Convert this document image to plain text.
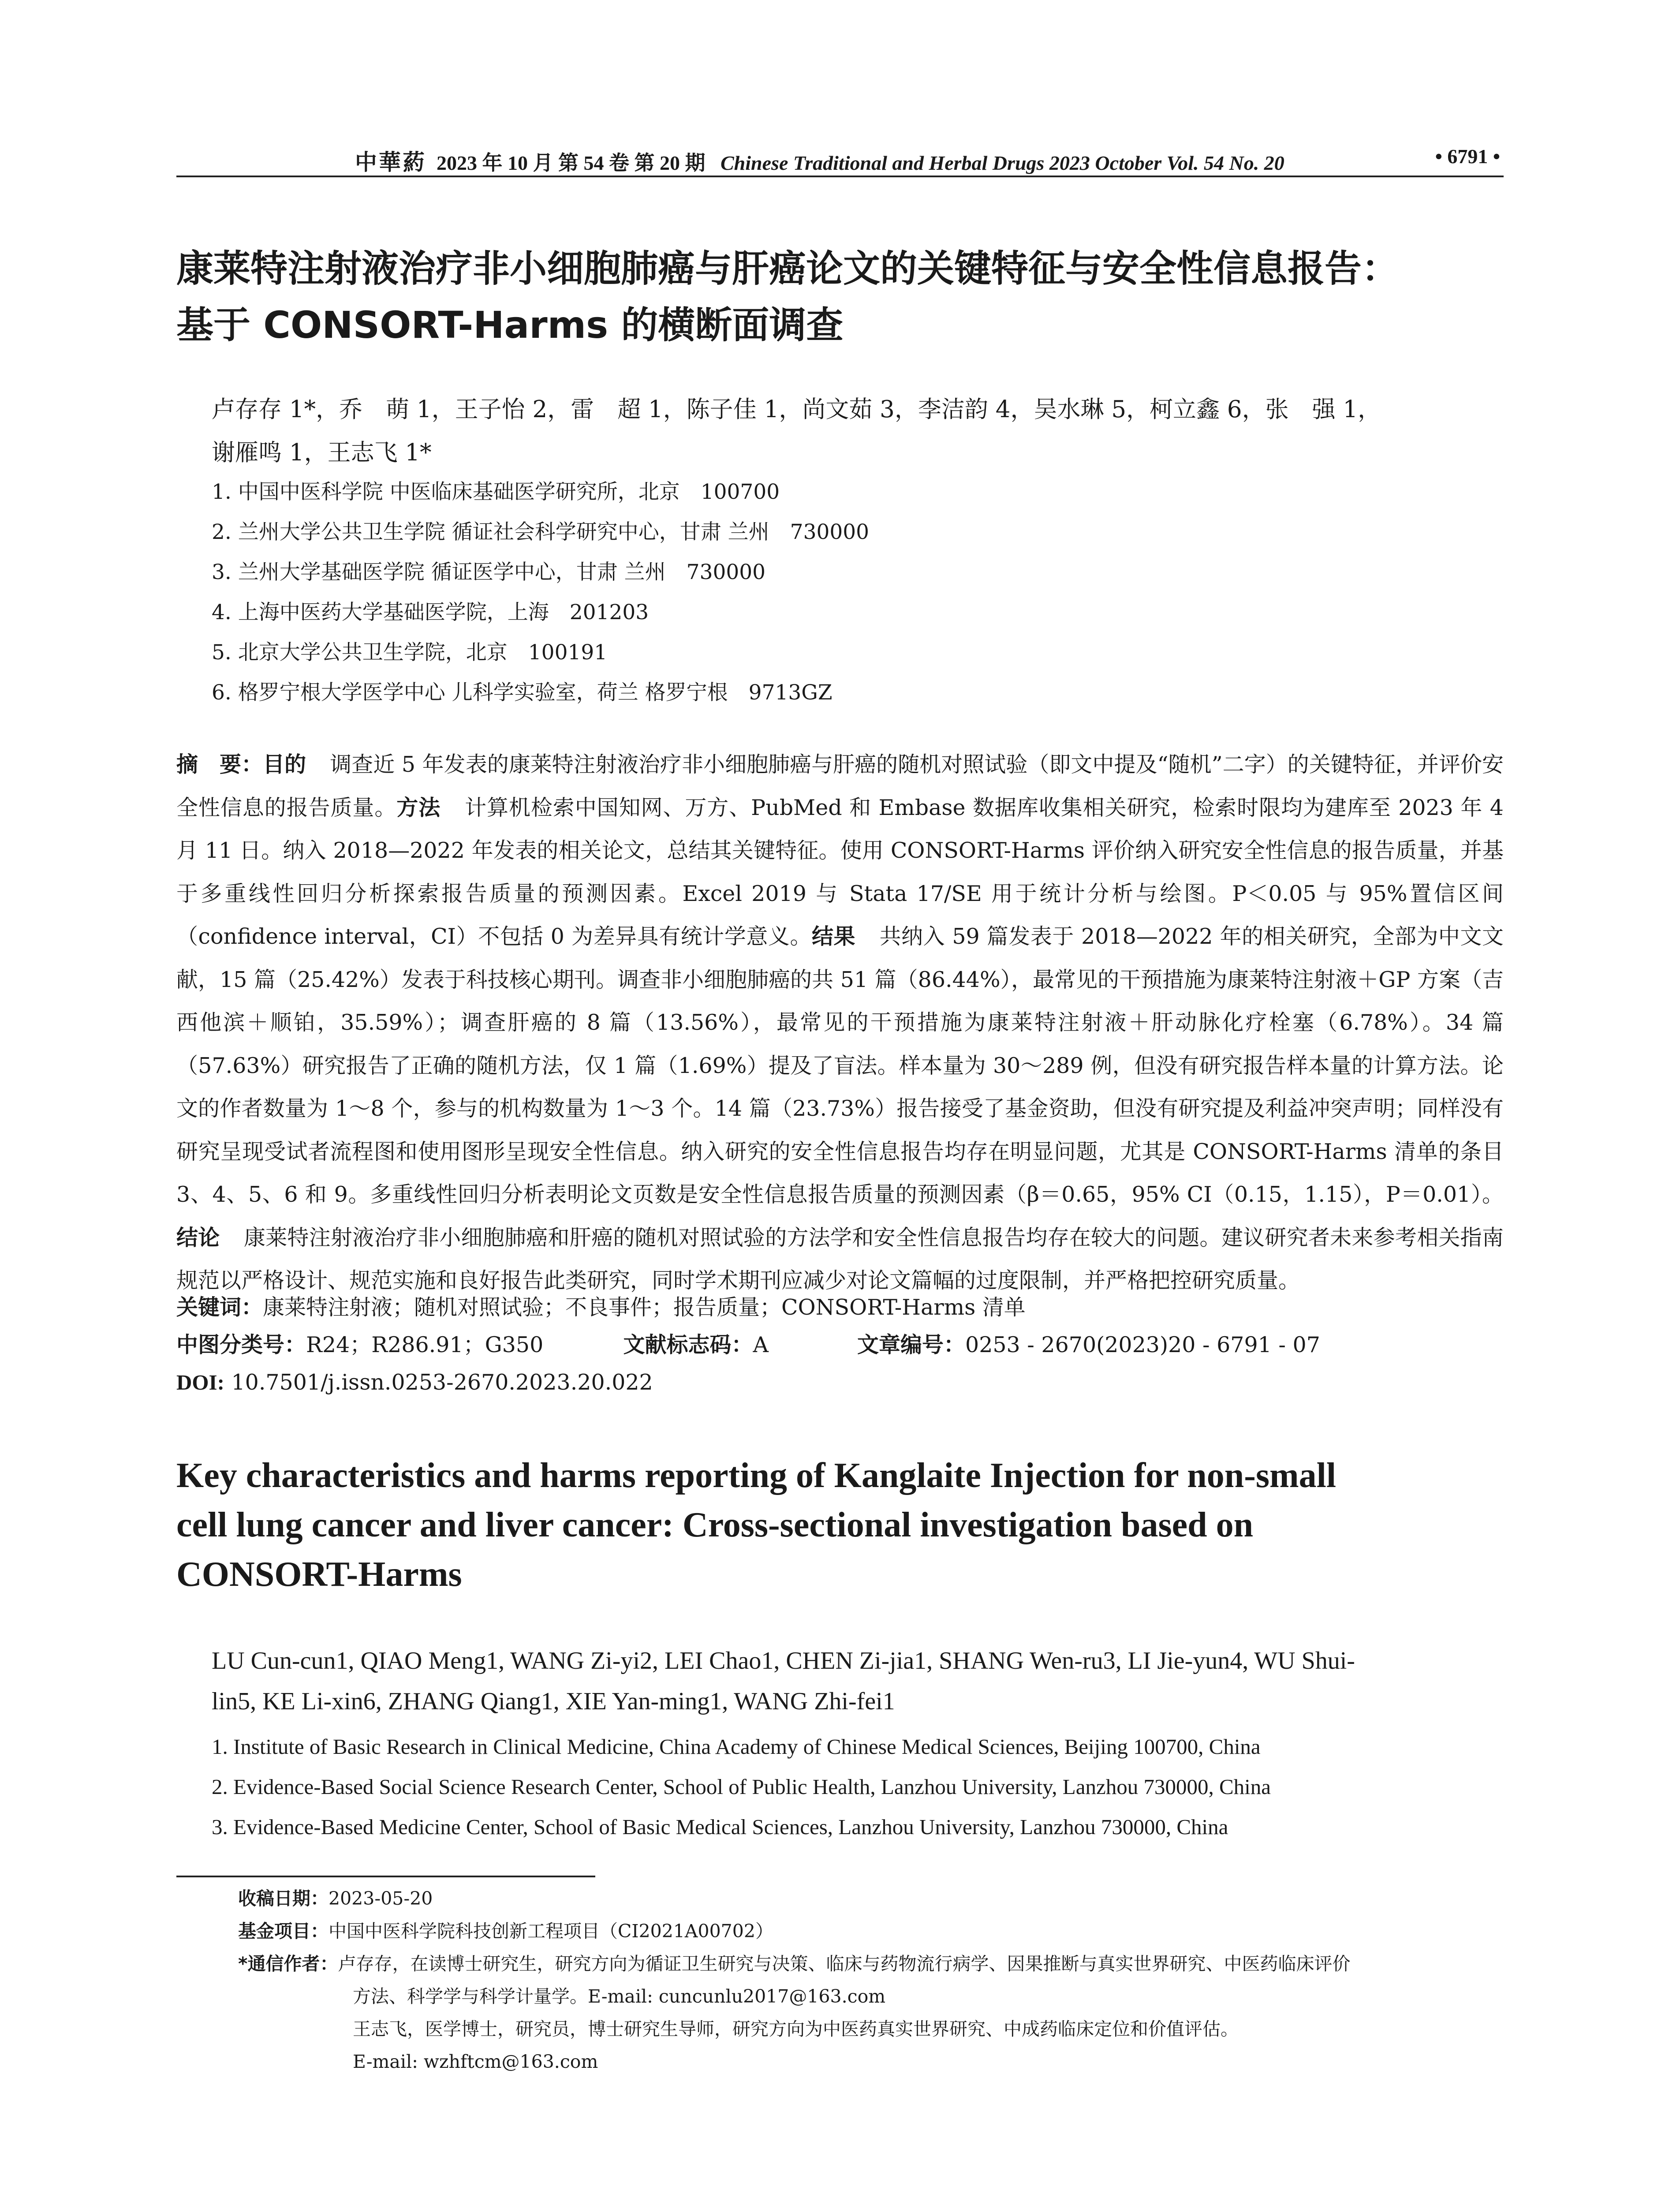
中華葯 2023 年 10 月 第 54 卷 第 20 期 Chinese Traditional and Herbal Drugs 2023 October Vol. 54 No. 20	• 6791 •
康莱特注射液治疗非小细胞肺癌与肝癌论文的关键特征与安全性信息报告：
基于 CONSORT-Harms 的横断面调查
卢存存 1*，乔　萌 1，王子怡 2，雷　超 1，陈子佳 1，尚文茹 3，李洁韵 4，吴水琳 5，柯立鑫 6，张　强 1，
谢雁鸣 1，王志飞 1*
1. 中国中医科学院 中医临床基础医学研究所，北京　100700
2. 兰州大学公共卫生学院 循证社会科学研究中心，甘肃 兰州　730000
3. 兰州大学基础医学院 循证医学中心，甘肃 兰州　730000
4. 上海中医药大学基础医学院，上海　201203
5. 北京大学公共卫生学院，北京　100191
6. 格罗宁根大学医学中心 儿科学实验室，荷兰 格罗宁根　9713GZ
摘　要：目的 调查近 5 年发表的康莱特注射液治疗非小细胞肺癌与肝癌的随机对照试验（即文中提及“随机”二字）的关键特征，并评价安全性信息的报告质量。方法 计算机检索中国知网、万方、PubMed 和 Embase 数据库收集相关研究，检索时限均为建库至 2023 年 4 月 11 日。纳入 2018—2022 年发表的相关论文，总结其关键特征。使用 CONSORT-Harms 评价纳入研究安全性信息的报告质量，并基于多重线性回归分析探索报告质量的预测因素。Excel 2019 与 Stata 17/SE 用于统计分析与绘图。P＜0.05 与 95%置信区间（confidence interval，CI）不包括 0 为差异具有统计学意义。结果 共纳入 59 篇发表于 2018—2022 年的相关研究，全部为中文文献，15 篇（25.42%）发表于科技核心期刊。调查非小细胞肺癌的共 51 篇（86.44%），最常见的干预措施为康莱特注射液＋GP 方案（吉西他滨＋顺铂，35.59%）；调查肝癌的 8 篇（13.56%），最常见的干预措施为康莱特注射液＋肝动脉化疗栓塞（6.78%）。34 篇（57.63%）研究报告了正确的随机方法，仅 1 篇（1.69%）提及了盲法。样本量为 30～289 例，但没有研究报告样本量的计算方法。论文的作者数量为 1～8 个，参与的机构数量为 1～3 个。14 篇（23.73%）报告接受了基金资助，但没有研究提及利益冲突声明；同样没有研究呈现受试者流程图和使用图形呈现安全性信息。纳入研究的安全性信息报告均存在明显问题，尤其是 CONSORT-Harms 清单的条目 3、4、5、6 和 9。多重线性回归分析表明论文页数是安全性信息报告质量的预测因素（β＝0.65，95% CI（0.15，1.15），P＝0.01）。结论 康莱特注射液治疗非小细胞肺癌和肝癌的随机对照试验的方法学和安全性信息报告均存在较大的问题。建议研究者未来参考相关指南规范以严格设计、规范实施和良好报告此类研究，同时学术期刊应减少对论文篇幅的过度限制，并严格把控研究质量。
关键词：康莱特注射液；随机对照试验；不良事件；报告质量；CONSORT-Harms 清单
中图分类号：R24；R286.91；G350	文献标志码：A	文章编号：0253 - 2670(2023)20 - 6791 - 07
DOI: 10.7501/j.issn.0253-2670.2023.20.022
Key characteristics and harms reporting of Kanglaite Injection for non-small
cell lung cancer and liver cancer: Cross-sectional investigation based on
CONSORT-Harms
LU Cun-cun1, QIAO Meng1, WANG Zi-yi2, LEI Chao1, CHEN Zi-jia1, SHANG Wen-ru3, LI Jie-yun4, WU Shui-
lin5, KE Li-xin6, ZHANG Qiang1, XIE Yan-ming1, WANG Zhi-fei1
1. Institute of Basic Research in Clinical Medicine, China Academy of Chinese Medical Sciences, Beijing 100700, China
2. Evidence-Based Social Science Research Center, School of Public Health, Lanzhou University, Lanzhou 730000, China
3. Evidence-Based Medicine Center, School of Basic Medical Sciences, Lanzhou University, Lanzhou 730000, China
收稿日期：2023-05-20
基金项目：中国中医科学院科技创新工程项目（CI2021A00702）
*通信作者：卢存存，在读博士研究生，研究方向为循证卫生研究与决策、临床与药物流行病学、因果推断与真实世界研究、中医药临床评价
方法、科学学与科学计量学。E-mail: cuncunlu2017@163.com
王志飞，医学博士，研究员，博士研究生导师，研究方向为中医药真实世界研究、中成药临床定位和价值评估。
E-mail: wzhftcm@163.com
